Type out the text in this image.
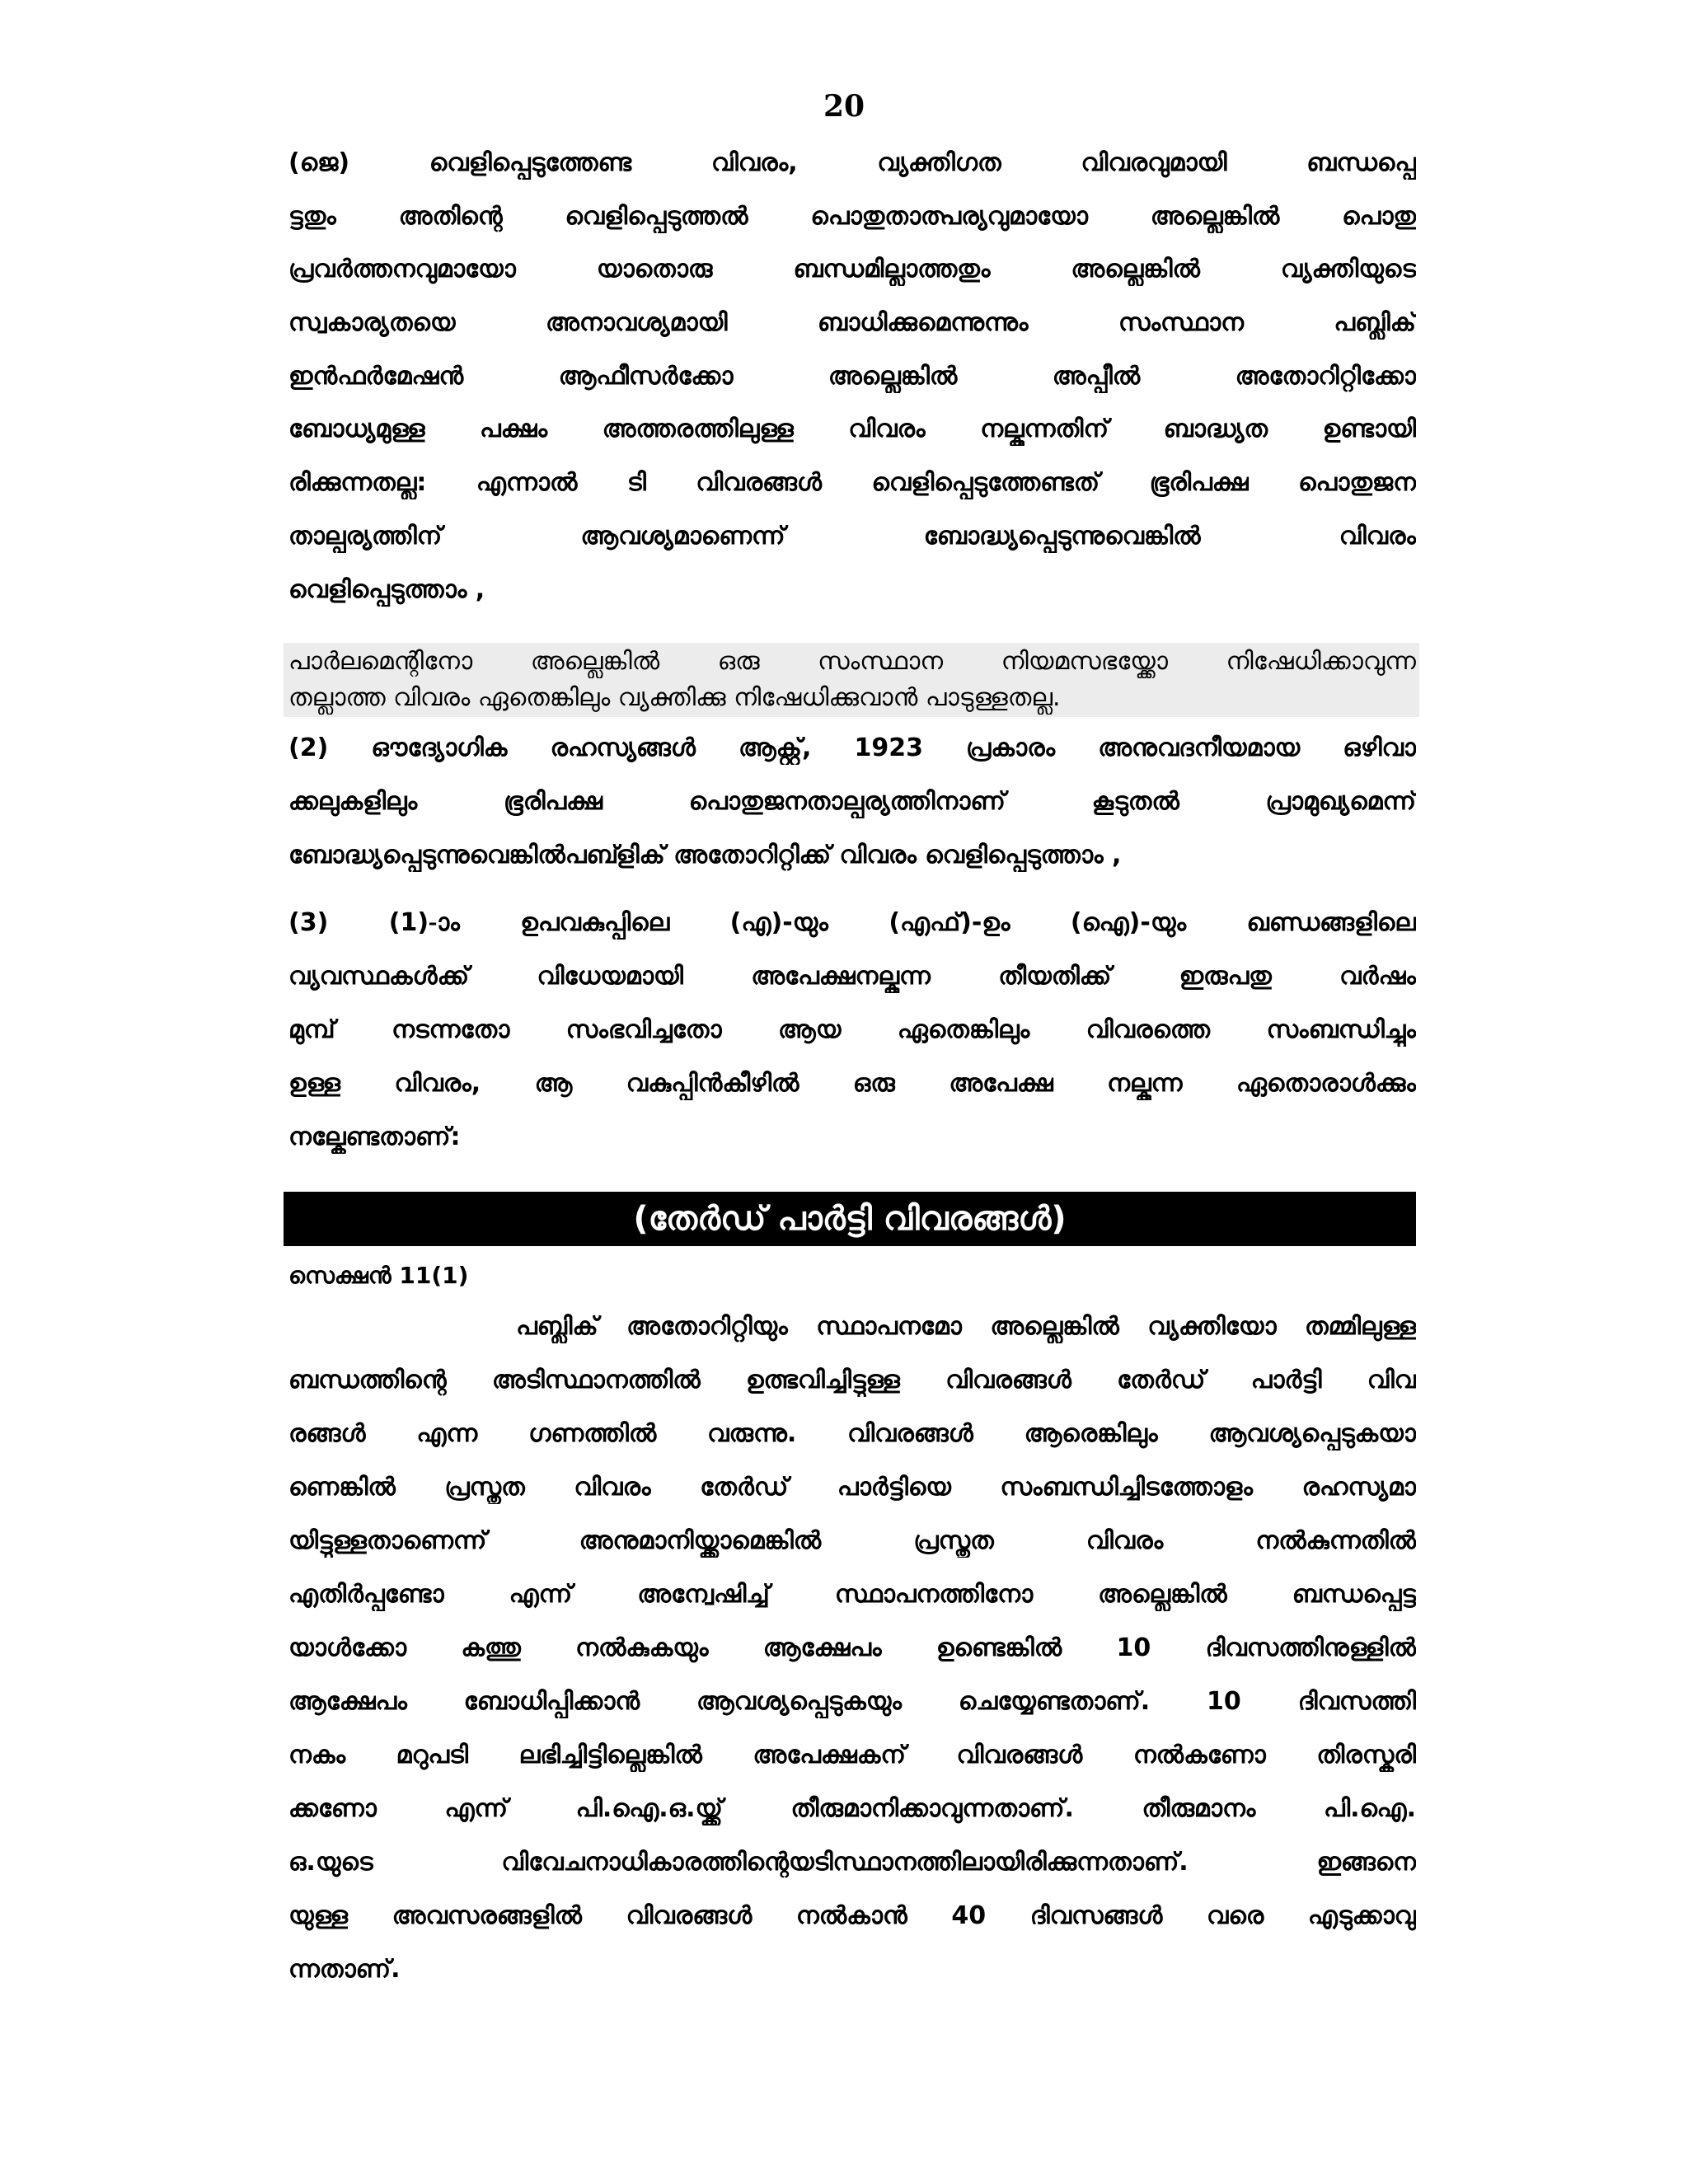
20
(ജെ) വെളിപ്പെടുത്തേണ്ട വിവരം, വ്യക്തിഗത വിവരവുമായി ബന്ധപ്പെ
ട്ടതും അതിന്റെ വെളിപ്പെടുത്തൽ പൊതുതാത്പര്യവുമായോ അല്ലെങ്കിൽ പൊതു
പ്രവർത്തനവുമായോ യാതൊരു ബന്ധമില്ലാത്തതും അല്ലെങ്കിൽ വ്യക്തിയുടെ
സ്വകാര്യതയെ അനാവശ്യമായി ബാധിക്കുമെന്നുന്നും സംസ്ഥാന പബ്ലിക്
ഇൻഫർമേഷൻ ആഫീസർക്കോ അല്ലെങ്കിൽ അപ്പീൽ അതോറിറ്റിക്കോ
ബോധ്യമുള്ള പക്ഷം അത്തരത്തിലുള്ള വിവരം നല്കുന്നതിന് ബാദ്ധ്യത ഉണ്ടായി
രിക്കുന്നതല്ല: എന്നാൽ ടി വിവരങ്ങൾ വെളിപ്പെടുത്തേണ്ടത് ഭൂരിപക്ഷ പൊതുജന
താല്പര്യത്തിന് ആവശ്യമാണെന്ന് ബോദ്ധ്യപ്പെടുന്നുവെങ്കിൽ വിവരം
വെളിപ്പെടുത്താം ,
പാർലമെന്റിനോ അല്ലെങ്കിൽ ഒരു സംസ്ഥാന നിയമസഭയ്ക്കോ നിഷേധിക്കാവുന്ന
തല്ലാത്ത വിവരം ഏതെങ്കിലും വ്യക്തിക്കു നിഷേധിക്കുവാൻ പാടുള്ളതല്ല.
(2) ഔദ്യോഗിക രഹസ്യങ്ങൾ ആക്റ്റ്, 1923 പ്രകാരം അനുവദനീയമായ ഒഴിവാ
ക്കലുകളിലും ഭൂരിപക്ഷ പൊതുജനതാല്പര്യത്തിനാണ് കൂടുതൽ പ്രാമുഖ്യമെന്ന്
ബോദ്ധ്യപ്പെടുന്നുവെങ്കിൽപബ്ളിക് അതോറിറ്റിക്ക് വിവരം വെളിപ്പെടുത്താം ,
(3) (1)-ാം ഉപവകുപ്പിലെ (എ)-യും (എഫ്)-ഉം (ഐ)-യും ഖണ്ഡങ്ങളിലെ
വ്യവസ്ഥകൾക്ക് വിധേയമായി അപേക്ഷനല്കുന്ന തീയതിക്ക് ഇരുപതു വർഷം
മുമ്പ് നടന്നതോ സംഭവിച്ചതോ ആയ ഏതെങ്കിലും വിവരത്തെ സംബന്ധിച്ചും
ഉള്ള വിവരം, ആ വകുപ്പിൻകീഴിൽ ഒരു അപേക്ഷ നല്കുന്ന ഏതൊരാൾക്കും
നല്കേണ്ടതാണ്:
(തേർഡ് പാർട്ടി വിവരങ്ങൾ)
സെക്ഷൻ 11(1)
പബ്ലിക് അതോറിറ്റിയും സ്ഥാപനമോ അല്ലെങ്കിൽ വ്യക്തിയോ തമ്മിലുള്ള
ബന്ധത്തിന്റെ അടിസ്ഥാനത്തിൽ ഉത്ഭവിച്ചിട്ടുള്ള വിവരങ്ങൾ തേർഡ് പാർട്ടി വിവ
രങ്ങൾ എന്ന ഗണത്തിൽ വരുന്നു. വിവരങ്ങൾ ആരെങ്കിലും ആവശ്യപ്പെടുകയാ
ണെങ്കിൽ പ്രസ്തുത വിവരം തേർഡ് പാർട്ടിയെ സംബന്ധിച്ചിടത്തോളം രഹസ്യമാ
യിട്ടുള്ളതാണെന്ന് അനുമാനിയ്ക്കാമെങ്കിൽ പ്രസ്തുത വിവരം നൽകുന്നതിൽ
എതിർപ്പുണ്ടോ എന്ന് അന്വേഷിച്ച് സ്ഥാപനത്തിനോ അല്ലെങ്കിൽ ബന്ധപ്പെട്ട
യാൾക്കോ കത്തു നൽകുകയും ആക്ഷേപം ഉണ്ടെങ്കിൽ 10 ദിവസത്തിനുള്ളിൽ
ആക്ഷേപം ബോധിപ്പിക്കാൻ ആവശ്യപ്പെടുകയും ചെയ്യേണ്ടതാണ്. 10 ദിവസത്തി
നകം മറുപടി ലഭിച്ചിട്ടില്ലെങ്കിൽ അപേക്ഷകന് വിവരങ്ങൾ നൽകണോ തിരസ്കരി
ക്കണോ എന്ന് പി.ഐ.ഒ.യ്ക്ക് തീരുമാനിക്കാവുന്നതാണ്. തീരുമാനം പി.ഐ.
ഒ.യുടെ വിവേചനാധികാരത്തിന്റെയടിസ്ഥാനത്തിലായിരിക്കുന്നതാണ്. ഇങ്ങനെ
യുള്ള അവസരങ്ങളിൽ വിവരങ്ങൾ നൽകാൻ 40 ദിവസങ്ങൾ വരെ എടുക്കാവു
ന്നതാണ്.
